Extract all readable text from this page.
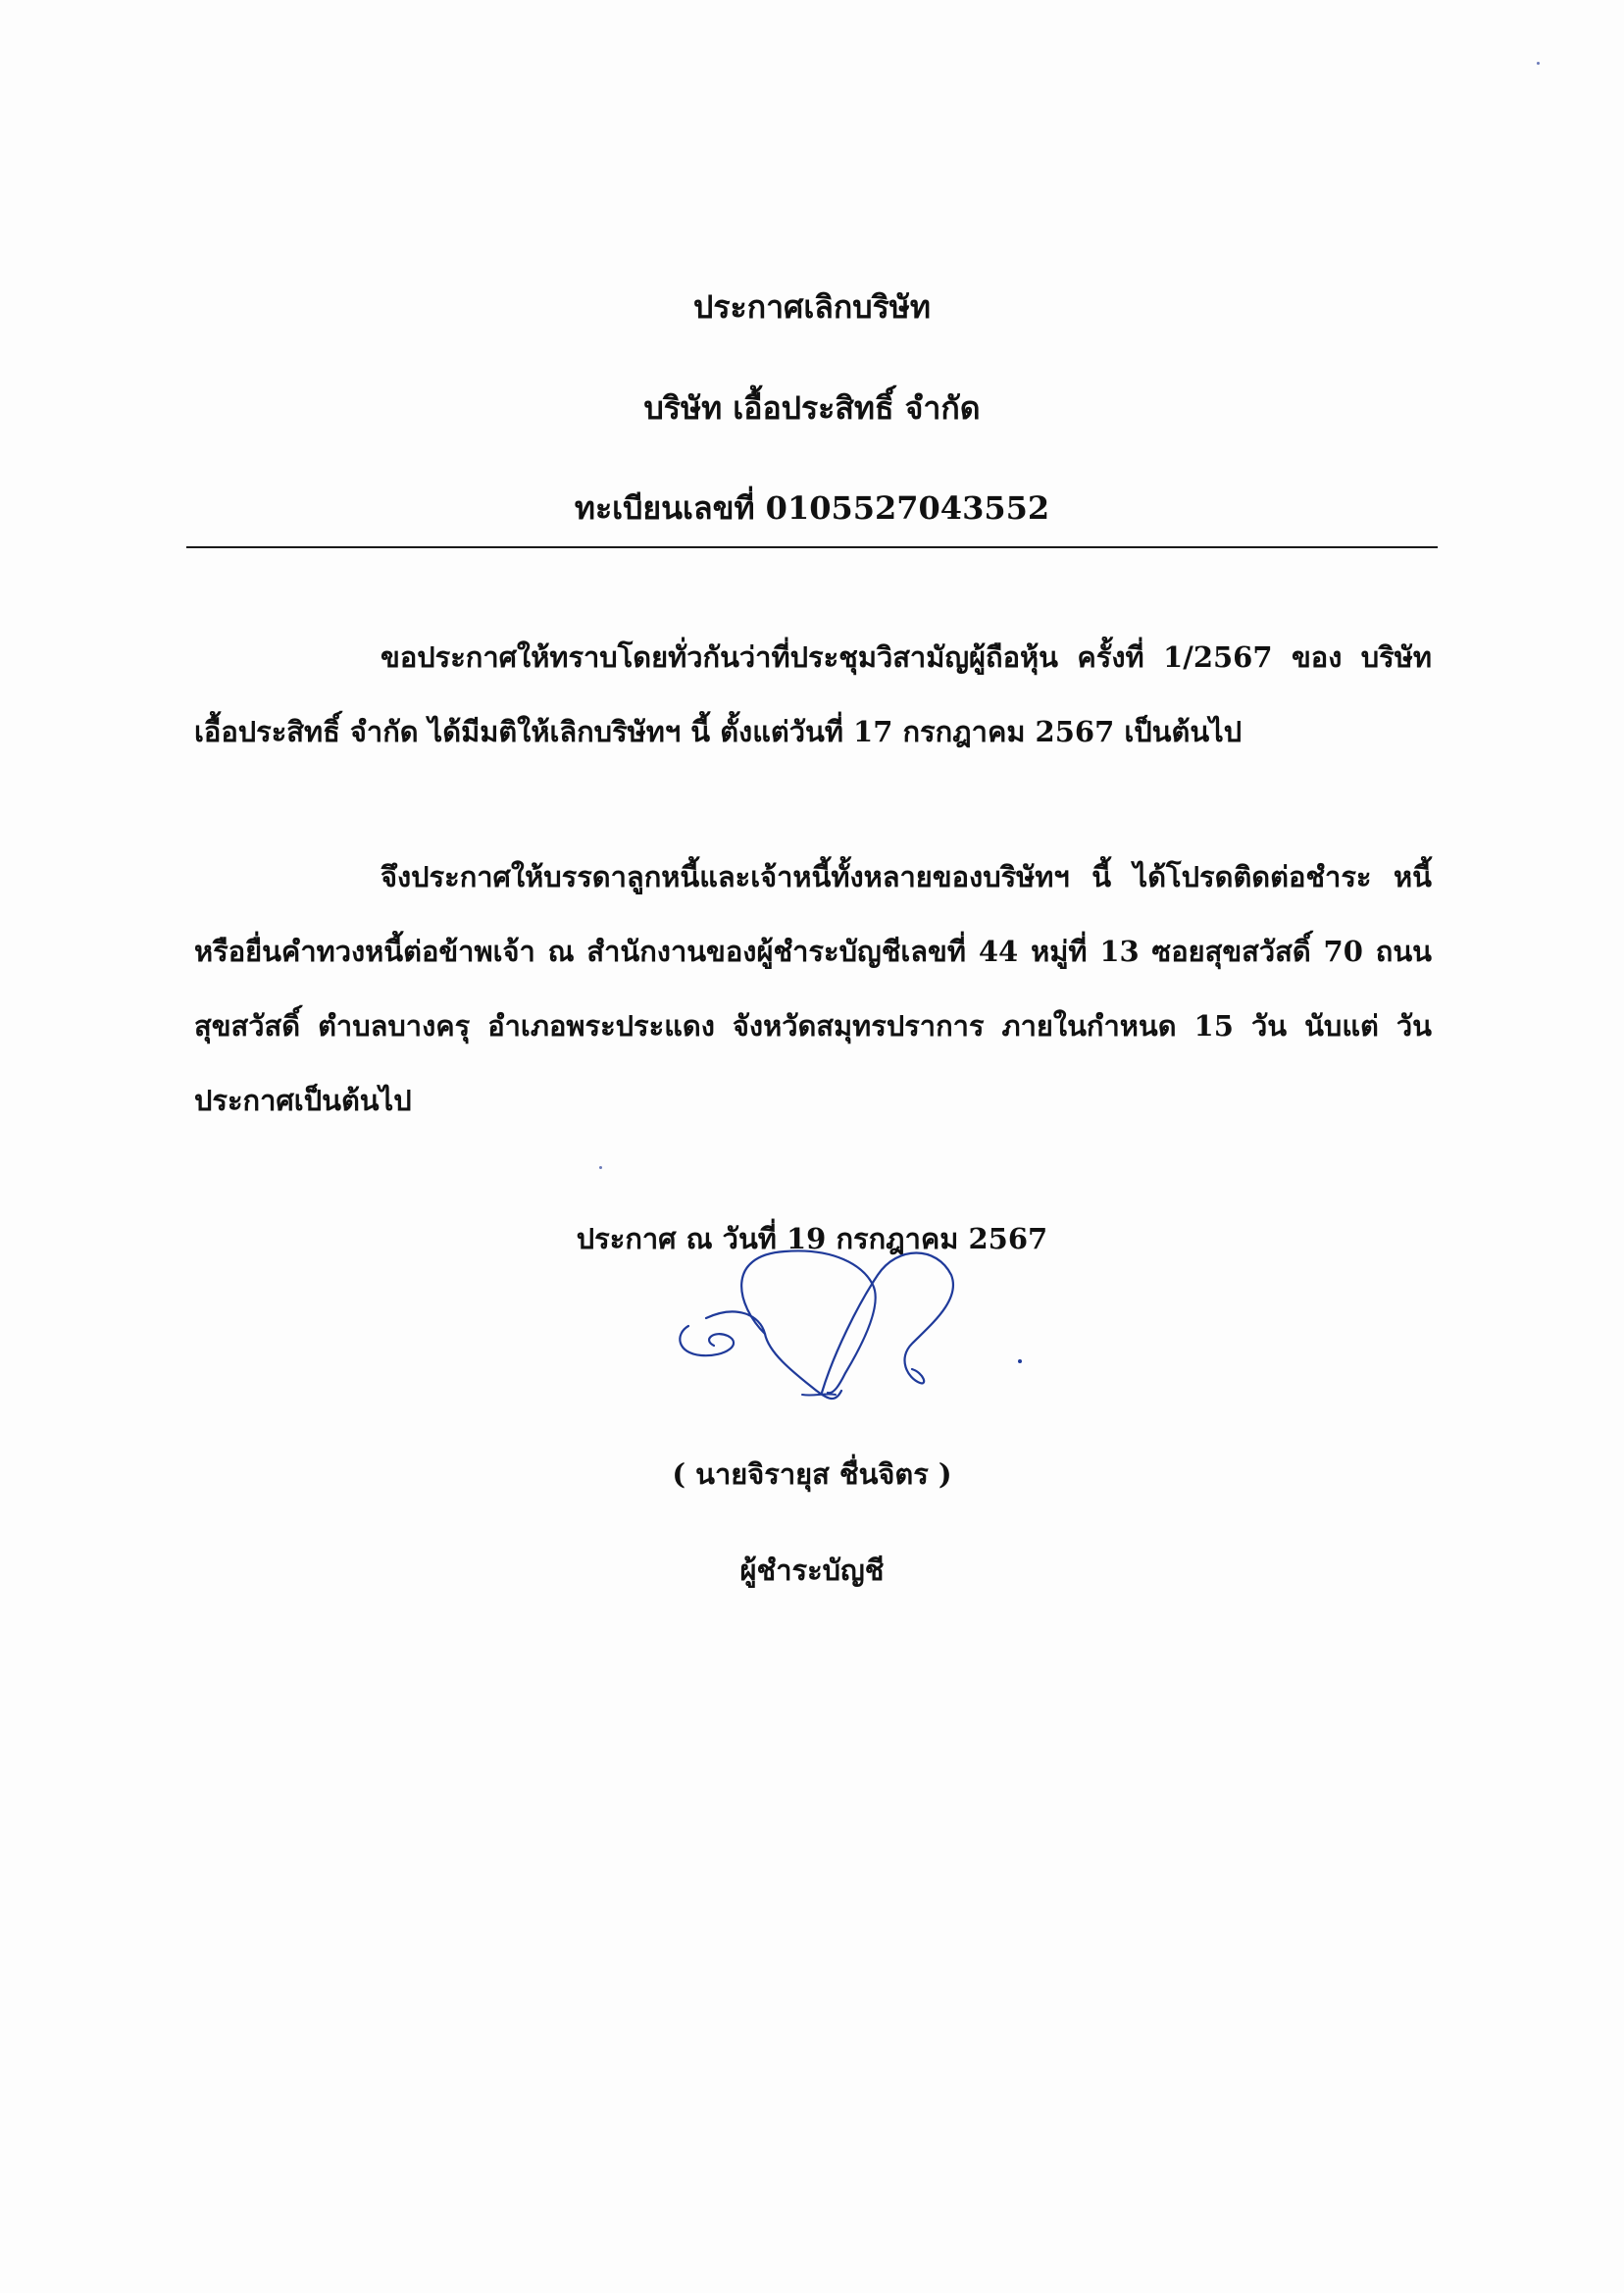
ประกาศเลิกบริษัท
บริษัท เอื้อประสิทธิ์ จำกัด
ทะเบียนเลขที่ 0105527043552
ขอประกาศให้ทราบโดยทั่วกันว่าที่ประชุมวิสามัญผู้ถือหุ้น ครั้งที่ 1/2567 ของ บริษัท เอื้อประสิทธิ์ จำกัด ได้มีมติให้เลิกบริษัทฯ นี้ ตั้งแต่วันที่ 17 กรกฎาคม 2567 เป็นต้นไป
จึงประกาศให้บรรดาลูกหนี้และเจ้าหนี้ทั้งหลายของบริษัทฯ นี้ ได้โปรดติดต่อชำระ หนี้หรือยื่นคำทวงหนี้ต่อข้าพเจ้า ณ สำนักงานของผู้ชำระบัญชีเลขที่ 44 หมู่ที่ 13 ซอยสุขสวัสดิ์ 70 ถนนสุขสวัสดิ์ ตำบลบางครุ อำเภอพระประแดง จังหวัดสมุทรปราการ ภายในกำหนด 15 วัน นับแต่ วันประกาศเป็นต้นไป
ประกาศ ณ วันที่ 19 กรกฎาคม 2567
( นายจิรายุส ชื่นจิตร )
ผู้ชำระบัญชี
